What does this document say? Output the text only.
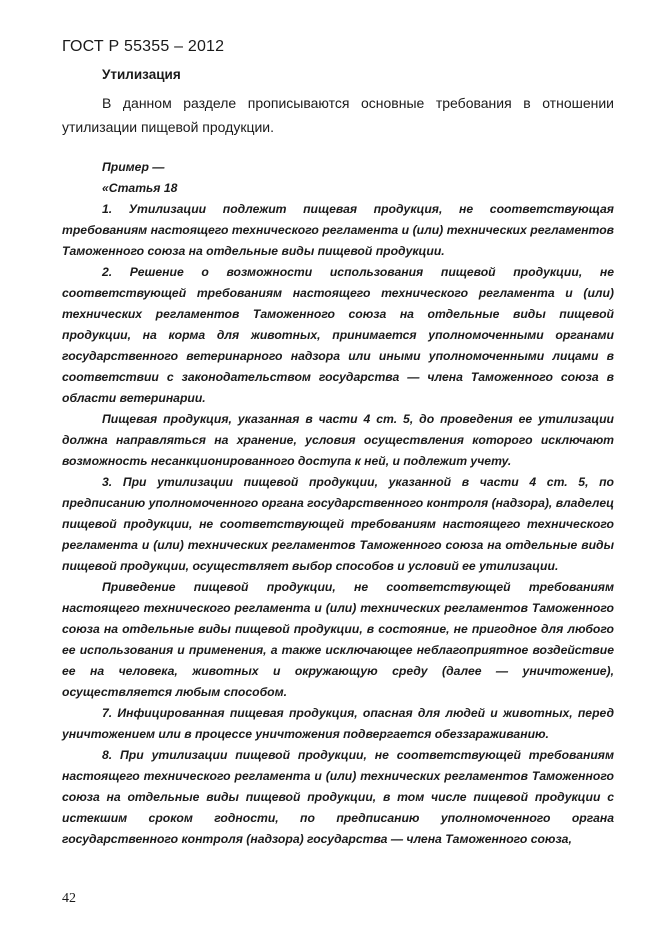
ГОСТ Р 55355 – 2012

Утилизация

В данном разделе прописываются основные требования в отношении утилизации пищевой продукции.

Пример —

«Статья 18

1. Утилизации подлежит пищевая продукция, не соответствующая требованиям настоящего технического регламента и (или) технических регламентов Таможенного союза на отдельные виды пищевой продукции.

2. Решение о возможности использования пищевой продукции, не соответствующей требованиям настоящего технического регламента и (или) технических регламентов Таможенного союза на отдельные виды пищевой продукции, на корма для животных, принимается уполномоченными органами государственного ветеринарного надзора или иными уполномоченными лицами в соответствии с законодательством государства — члена Таможенного союза в области ветеринарии.

Пищевая продукция, указанная в части 4 ст. 5, до проведения ее утилизации должна направляться на хранение, условия осуществления которого исключают возможность несанкционированного доступа к ней, и подлежит учету.

3. При утилизации пищевой продукции, указанной в части 4 ст. 5, по предписанию уполномоченного органа государственного контроля (надзора), владелец пищевой продукции, не соответствующей требованиям настоящего технического регламента и (или) технических регламентов Таможенного союза на отдельные виды пищевой продукции, осуществляет выбор способов и условий ее утилизации.

Приведение пищевой продукции, не соответствующей требованиям настоящего технического регламента и (или) технических регламентов Таможенного союза на отдельные виды пищевой продукции, в состояние, не пригодное для любого ее использования и применения, а также исключающее неблагоприятное воздействие ее на человека, животных и окружающую среду (далее — уничтожение), осуществляется любым способом.

7. Инфицированная пищевая продукция, опасная для людей и животных, перед уничтожением или в процессе уничтожения подвергается обеззараживанию.

8. При утилизации пищевой продукции, не соответствующей требованиям настоящего технического регламента и (или) технических регламентов Таможенного союза на отдельные виды пищевой продукции, в том числе пищевой продукции с истекшим сроком годности, по предписанию уполномоченного органа государственного контроля (надзора) государства — члена Таможенного союза,

42
